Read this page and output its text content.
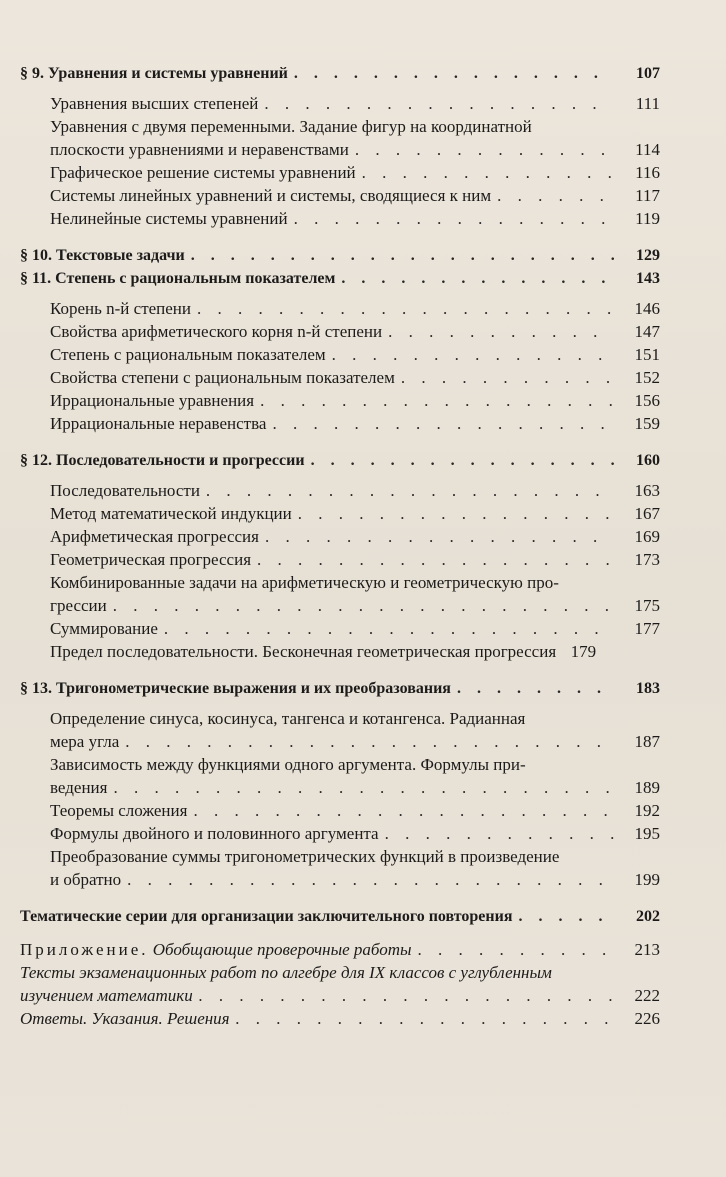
§ 9. Уравнения и системы уравнений . . .	107
Уравнения высших степеней . . .	111
Уравнения с двумя переменными. Задание фигур на координатной
плоскости уравнениями и неравенствами . . .	114
Графическое решение системы уравнений . . .	116
Системы линейных уравнений и системы, сводящиеся к ним . . .	117
Нелинейные системы уравнений . . .	119
§ 10. Текстовые задачи . . .	129
§ 11. Степень с рациональным показателем . . .	143
Корень n-й степени . . .	146
Свойства арифметического корня n-й степени . . .	147
Степень с рациональным показателем . . .	151
Свойства степени с рациональным показателем . . .	152
Иррациональные уравнения . . .	156
Иррациональные неравенства . . .	159
§ 12. Последовательности и прогрессии . . .	160
Последовательности . . .	163
Метод математической индукции . . .	167
Арифметическая прогрессия . . .	169
Геометрическая прогрессия . . .	173
Комбинированные задачи на арифметическую и геометрическую про-
грессии . . .	175
Суммирование . . .	177
Предел последовательности. Бесконечная геометрическая прогрессия 179
§ 13. Тригонометрические выражения и их преобразования . . .	183
Определение синуса, косинуса, тангенса и котангенса. Радианная
мера угла . . .	187
Зависимость между функциями одного аргумента. Формулы при-
ведения . . .	189
Теоремы сложения . . .	192
Формулы двойного и половинного аргумента . . .	195
Преобразование суммы тригонометрических функций в произведение
и обратно . . .	199
Тематические серии для организации заключительного повторения . . .	202
Приложение. Обобщающие проверочные работы . . .	213
Тексты экзаменационных работ по алгебре для IX классов с углубленным
изучением математики . . .	222
Ответы. Указания. Решения . . .	226
